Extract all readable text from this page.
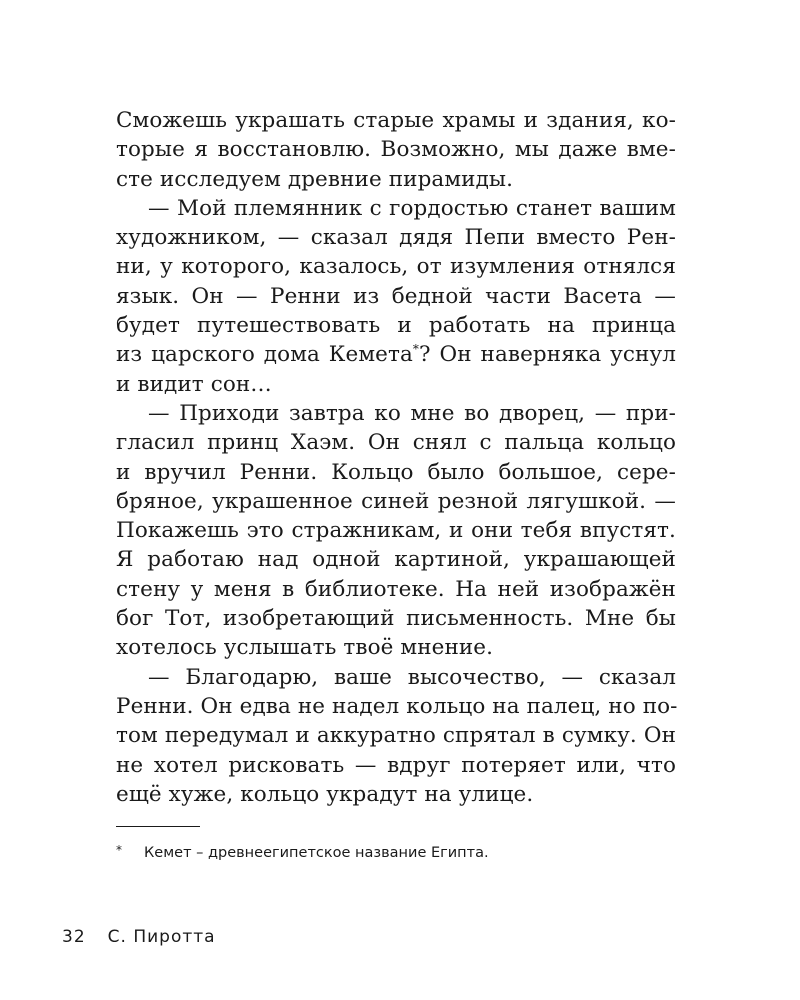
Сможешь украшать старые храмы и здания, ко-
торые я восстановлю. Возможно, мы даже вме-
сте исследуем древние пирамиды.

— Мой племянник с гордостью станет вашим
художником, — сказал дядя Пепи вместо Рен-
ни, у которого, казалось, от изумления отнялся
язык. Он — Ренни из бедной части Васета —
будет путешествовать и работать на принца
из царского дома Кемета*? Он наверняка уснул
и видит сон…

— Приходи завтра ко мне во дворец, — при-
гласил принц Хаэм. Он снял с пальца кольцо
и вручил Ренни. Кольцо было большое, сере-
бряное, украшенное синей резной лягушкой. —
Покажешь это стражникам, и они тебя впустят.
Я работаю над одной картиной, украшающей
стену у меня в библиотеке. На ней изображён
бог Тот, изобретающий письменность. Мне бы
хотелось услышать твоё мнение.

— Благодарю, ваше высочество, — сказал
Ренни. Он едва не надел кольцо на палец, но по-
том передумал и аккуратно спрятал в сумку. Он
не хотел рисковать — вдруг потеряет или, что
ещё хуже, кольцо украдут на улице.

* Кемет – древнеегипетское название Египта.
32 С. Пиротта
